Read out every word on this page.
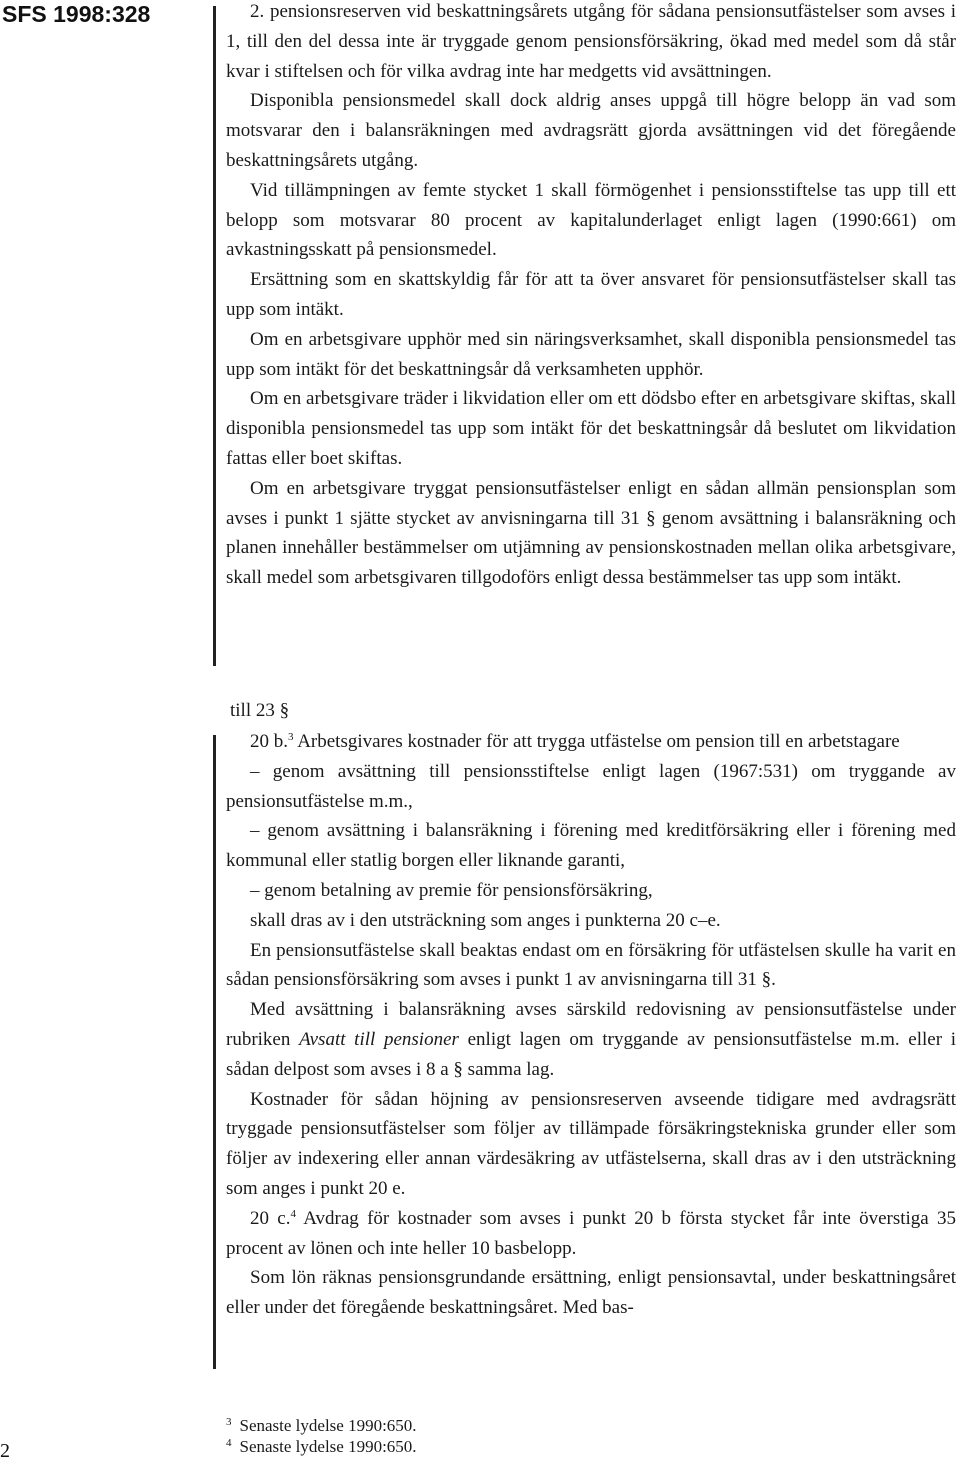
SFS 1998:328	2. pensionsreserven vid beskattningsårets utgång för sådana pensionsutfästelser som avses i 1, till den del dessa inte är tryggade genom pensionsförsäkring, ökad med medel som då står kvar i stiftelsen och för vilka avdrag inte har medgetts vid avsättningen.

Disponibla pensionsmedel skall dock aldrig anses uppgå till högre belopp än vad som motsvarar den i balansräkningen med avdragsrätt gjorda avsättningen vid det föregående beskattningsårets utgång.

Vid tillämpningen av femte stycket 1 skall förmögenhet i pensionsstiftelse tas upp till ett belopp som motsvarar 80 procent av kapitalunderlaget enligt lagen (1990:661) om avkastningsskatt på pensionsmedel.

Ersättning som en skattskyldig får för att ta över ansvaret för pensionsutfästelser skall tas upp som intäkt.

Om en arbetsgivare upphör med sin näringsverksamhet, skall disponibla pensionsmedel tas upp som intäkt för det beskattningsår då verksamheten upphör.

Om en arbetsgivare träder i likvidation eller om ett dödsbo efter en arbetsgivare skiftas, skall disponibla pensionsmedel tas upp som intäkt för det beskattningsår då beslutet om likvidation fattas eller boet skiftas.

Om en arbetsgivare tryggat pensionsutfästelser enligt en sådan allmän pensionsplan som avses i punkt 1 sjätte stycket av anvisningarna till 31 § genom avsättning i balansräkning och planen innehåller bestämmelser om utjämning av pensionskostnaden mellan olika arbetsgivare, skall medel som arbetsgivaren tillgodoförs enligt dessa bestämmelser tas upp som intäkt.

till 23 §

20 b.$^3$ Arbetsgivares kostnader för att trygga utfästelse om pension till en arbetstagare

– genom avsättning till pensionsstiftelse enligt lagen (1967:531) om tryggande av pensionsutfästelse m.m.,

– genom avsättning i balansräkning i förening med kreditförsäkring eller i förening med kommunal eller statlig borgen eller liknande garanti,

– genom betalning av premie för pensionsförsäkring,

skall dras av i den utsträckning som anges i punkterna 20 c–e.

En pensionsutfästelse skall beaktas endast om en försäkring för utfästelsen skulle ha varit en sådan pensionsförsäkring som avses i punkt 1 av anvisningarna till 31 §.

Med avsättning i balansräkning avses särskild redovisning av pensionsutfästelse under rubriken Avsatt till pensioner enligt lagen om tryggande av pensionsutfästelse m.m. eller i sådan delpost som avses i 8 a § samma lag.

Kostnader för sådan höjning av pensionsreserven avseende tidigare med avdragsrätt tryggade pensionsutfästelser som följer av tillämpade försäkringstekniska grunder eller som följer av indexering eller annan värdesäkring av utfästelserna, skall dras av i den utsträckning som anges i punkt 20 e.

20 c.$^4$ Avdrag för kostnader som avses i punkt 20 b första stycket får inte överstiga 35 procent av lönen och inte heller 10 basbelopp.

Som lön räknas pensionsgrundande ersättning, enligt pensionsavtal, under beskattningsåret eller under det föregående beskattningsåret. Med bas-

$^3$ Senaste lydelse 1990:650.
$^4$ Senaste lydelse 1990:650.
2
